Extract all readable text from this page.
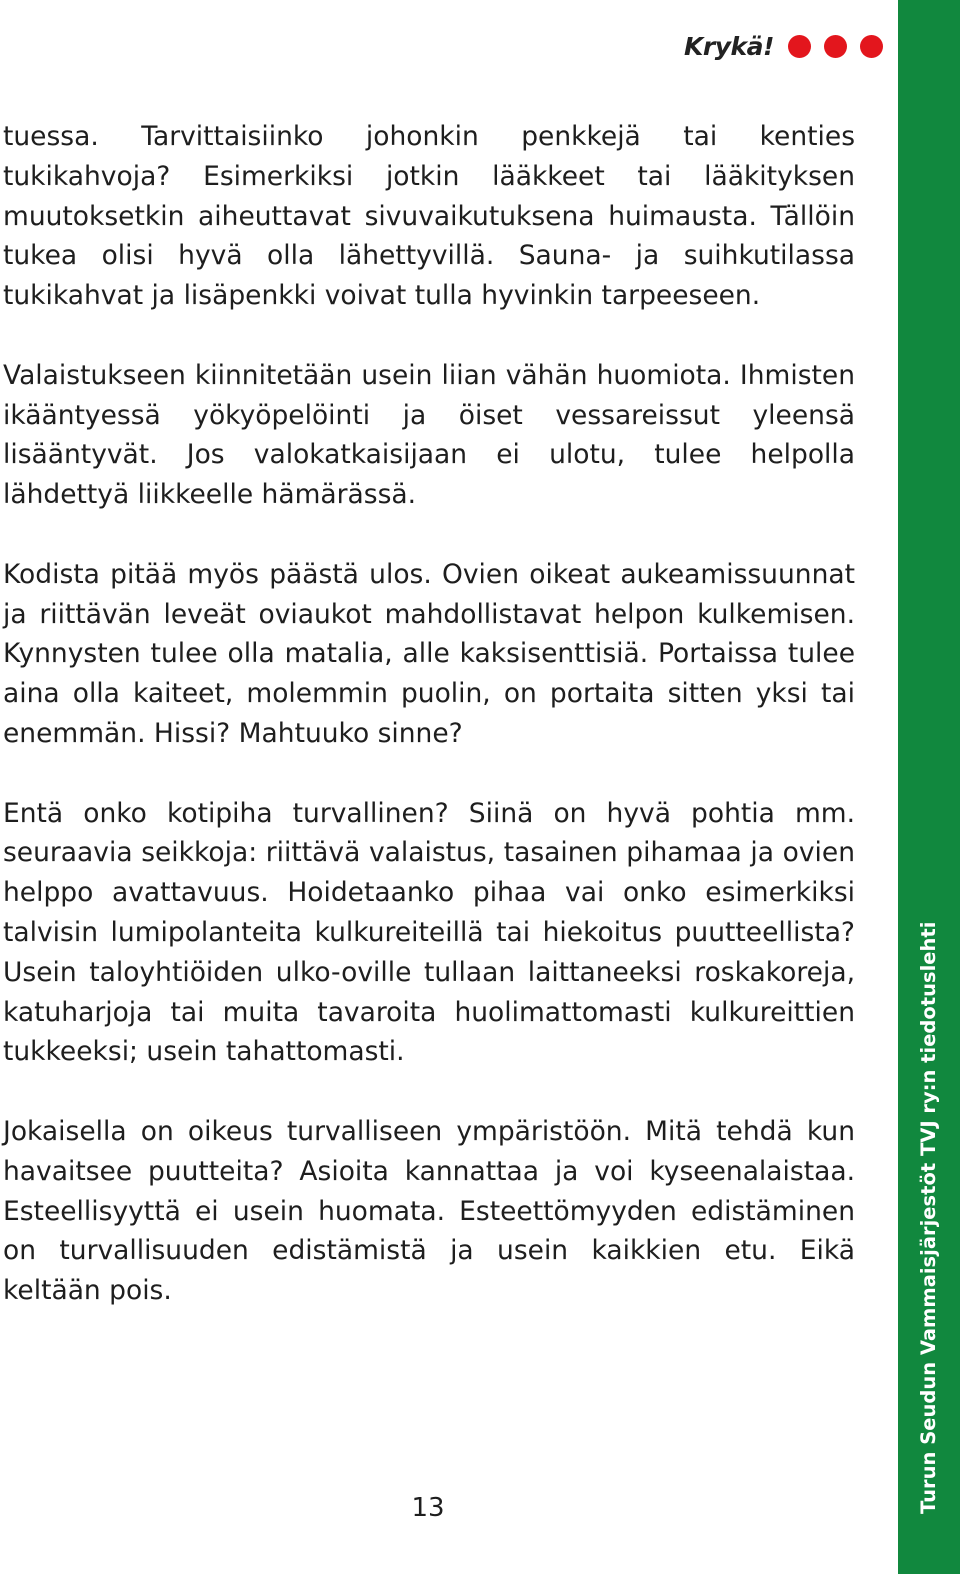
Krykä!

tuessa. Tarvittaisiinko johonkin penkkejä tai kenties tukikahvoja? Esimerkiksi jotkin lääkkeet tai lääkityksen muutoksetkin aiheuttavat sivuvaikutuksena huimausta. Tällöin tukea olisi hyvä olla lähettyvillä. Sauna- ja suihkutilassa tukikahvat ja lisäpenkki voivat tulla hyvinkin tarpeeseen.

Valaistukseen kiinnitetään usein liian vähän huomiota. Ihmisten ikääntyessä yökyöpelöinti ja öiset vessareissut yleensä lisääntyvät. Jos valokatkaisijaan ei ulotu, tulee helpolla lähdettyä liikkeelle hämärässä.

Kodista pitää myös päästä ulos. Ovien oikeat aukeamissuunnat ja riittävän leveät oviaukot mahdollistavat helpon kulkemisen. Kynnysten tulee olla matalia, alle kaksisenttisiä. Portaissa tulee aina olla kaiteet, molemmin puolin, on portaita sitten yksi tai enemmän. Hissi? Mahtuuko sinne?

Entä onko kotipiha turvallinen? Siinä on hyvä pohtia mm. seuraavia seikkoja: riittävä valaistus, tasainen pihamaa ja ovien helppo avattavuus. Hoidetaanko pihaa vai onko esimerkiksi talvisin lumipolanteita kulkureiteillä tai hiekoitus puutteellista? Usein taloyhtiöiden ulko-oville tullaan laittaneeksi roskakoreja, katuharjoja tai muita tavaroita huolimattomasti kulkureittien tukkeeksi; usein tahattomasti.

Jokaisella on oikeus turvalliseen ympäristöön. Mitä tehdä kun havaitsee puutteita? Asioita kannattaa ja voi kyseenalaistaa. Esteellisyyttä ei usein huomata. Esteettömyyden edistäminen on turvallisuuden edistämistä ja usein kaikkien etu. Eikä keltään pois.

13	Turun Seudun Vammaisjärjestöt TVJ ry:n tiedotuslehti
